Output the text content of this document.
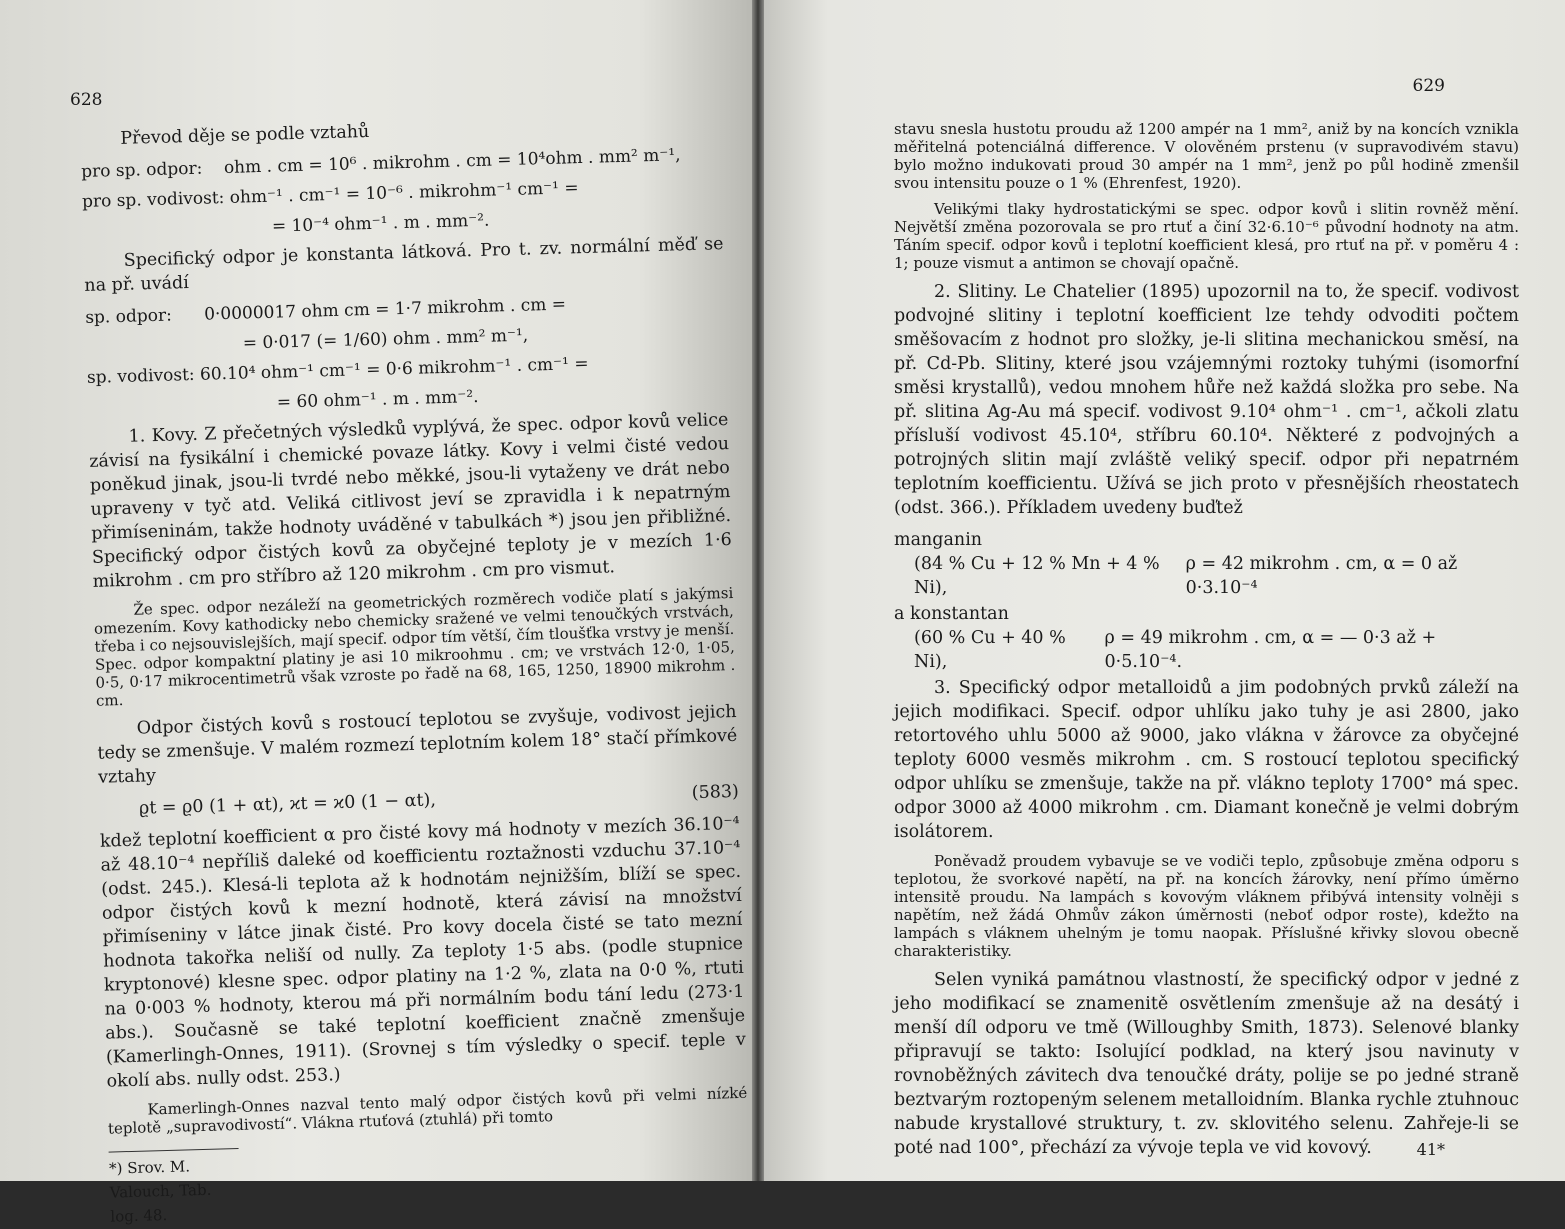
628

Převod děje se podle vztahů

pro sp. odpor:    ohm . cm = 10⁶ . mikrohm . cm = 10⁴ohm . mm² m⁻¹,
pro sp. vodivost: ohm⁻¹ . cm⁻¹ = 10⁻⁶ . mikrohm⁻¹ cm⁻¹ =
= 10⁻⁴ ohm⁻¹ . m . mm⁻².

Specifický odpor je konstanta látková. Pro t. zv. normální měď se na př. uvádí

sp. odpor:      0·0000017 ohm cm = 1·7 mikrohm . cm =
= 0·017 (= 1/60) ohm . mm² m⁻¹,
sp. vodivost: 60.10⁴ ohm⁻¹ cm⁻¹ = 0·6 mikrohm⁻¹ . cm⁻¹ =
= 60 ohm⁻¹ . m . mm⁻².

1. Kovy. Z přečetných výsledků vyplývá, že spec. odpor kovů velice závisí na fysikální i chemické povaze látky. Kovy i velmi čisté vedou poněkud jinak, jsou-li tvrdé nebo měkké, jsou-li vytaženy ve drát nebo upraveny v tyč atd. Veliká citlivost jeví se zpravidla i k nepatrným přimíseninám, takže hodnoty uváděné v tabulkách *) jsou jen přibližné. Specifický odpor čistých kovů za obyčejné teploty je v mezích 1·6 mikrohm . cm pro stříbro až 120 mikrohm . cm pro vismut.

Že spec. odpor nezáleží na geometrických rozměrech vodiče platí s jakýmsi omezením. Kovy kathodicky nebo chemicky sražené ve velmi tenoučkých vrstvách, třeba i co nejsouvislejších, mají specif. odpor tím větší, čím tloušťka vrstvy je menší. Spec. odpor kompaktní platiny je asi 10 mikroohmu . cm; ve vrstvách 12·0, 1·05, 0·5, 0·17 mikrocentimetrů však vzroste po řadě na 68, 165, 1250, 18900 mikrohm . cm.

Odpor čistých kovů s rostoucí teplotou se zvyšuje, vodivost jejich tedy se zmenšuje. V malém rozmezí teplotním kolem 18° stačí přímkové vztahy

ϱt = ϱ0 (1 + αt), ϰt = ϰ0 (1 − αt),	(583)

kdež teplotní koefficient α pro čisté kovy má hodnoty v mezích 36.10⁻⁴ až 48.10⁻⁴ nepříliš daleké od koefficientu roztažnosti vzduchu 37.10⁻⁴ (odst. 245.). Klesá-li teplota až k hodnotám nejnižším, blíží se spec. odpor čistých kovů k mezní hodnotě, která závisí na množství přimíseniny v látce jinak čisté. Pro kovy docela čisté se tato mezní hodnota takořka neliší od nully. Za teploty 1·5 abs. (podle stupnice kryptonové) klesne spec. odpor platiny na 1·2 %, zlata na 0·0 %, rtuti na 0·003 % hodnoty, kterou má při normálním bodu tání ledu (273·1 abs.). Současně se také teplotní koefficient značně zmenšuje (Kamerlingh-Onnes, 1911). (Srovnej s tím výsledky o specif. teple v okolí abs. nully odst. 253.)

Kamerlingh-Onnes nazval tento malý odpor čistých kovů při velmi nízké teplotě „supravodivostí“. Vlákna rtuťová (ztuhlá) při tomto

*) Srov. M. Valouch, Tab. log. 48.
629

stavu snesla hustotu proudu až 1200 ampér na 1 mm², aniž by na koncích vznikla měřitelná potenciálná difference. V olověném prstenu (v supravodivém stavu) bylo možno indukovati proud 30 ampér na 1 mm², jenž po půl hodině zmenšil svou intensitu pouze o 1 % (Ehrenfest, 1920).

Velikými tlaky hydrostatickými se spec. odpor kovů i slitin rovněž mění. Největší změna pozorovala se pro rtuť a činí 32·6.10⁻⁶ původní hodnoty na atm. Táním specif. odpor kovů i teplotní koefficient klesá, pro rtuť na př. v poměru 4 : 1; pouze vismut a antimon se chovají opačně.

2. Slitiny. Le Chatelier (1895) upozornil na to, že specif. vodivost podvojné slitiny i teplotní koefficient lze tehdy odvoditi počtem směšovacím z hodnot pro složky, je-li slitina mechanickou směsí, na př. Cd-Pb. Slitiny, které jsou vzájemnými roztoky tuhými (isomorfní směsi krystallů), vedou mnohem hůře než každá složka pro sebe. Na př. slitina Ag-Au má specif. vodivost 9.10⁴ ohm⁻¹ . cm⁻¹, ačkoli zlatu přísluší vodivost 45.10⁴, stříbru 60.10⁴. Některé z podvojných a potrojných slitin mají zvláště veliký specif. odpor při nepatrném teplotním koefficientu. Užívá se jich proto v přesnějších rheostatech (odst. 366.). Příkladem uvedeny buďtež

manganin
(84 % Cu + 12 % Mn + 4 % Ni),
ρ = 42 mikrohm . cm, α = 0 až 0·3.10⁻⁴
a konstantan
(60 % Cu + 40 % Ni),
ρ = 49 mikrohm . cm, α = — 0·3 až + 0·5.10⁻⁴.

3. Specifický odpor metalloidů a jim podobných prvků záleží na jejich modifikaci. Specif. odpor uhlíku jako tuhy je asi 2800, jako retortového uhlu 5000 až 9000, jako vlákna v žárovce za obyčejné teploty 6000 vesměs mikrohm . cm. S rostoucí teplotou specifický odpor uhlíku se zmenšuje, takže na př. vlákno teploty 1700° má spec. odpor 3000 až 4000 mikrohm . cm. Diamant konečně je velmi dobrým isolátorem.

Poněvadž proudem vybavuje se ve vodiči teplo, způsobuje změna odporu s teplotou, že svorkové napětí, na př. na koncích žárovky, není přímo úměrno intensitě proudu. Na lampách s kovovým vláknem přibývá intensity volněji s napětím, než žádá Ohmův zákon úměrnosti (neboť odpor roste), kdežto na lampách s vláknem uhelným je tomu naopak. Příslušné křivky slovou obecně charakteristiky.

Selen vyniká památnou vlastností, že specifický odpor v jedné z jeho modifikací se znamenitě osvětlením zmenšuje až na desátý i menší díl odporu ve tmě (Willoughby Smith, 1873). Selenové blanky připravují se takto: Isolující podklad, na který jsou navinuty v rovnoběžných závitech dva tenoučké dráty, polije se po jedné straně beztvarým roztopeným selenem metalloidním. Blanka rychle ztuhnouc nabude krystallové struktury, t. zv. sklovitého selenu. Zahřeje-li se poté nad 100°, přechází za vývoje tepla ve vid kovový.	41*
